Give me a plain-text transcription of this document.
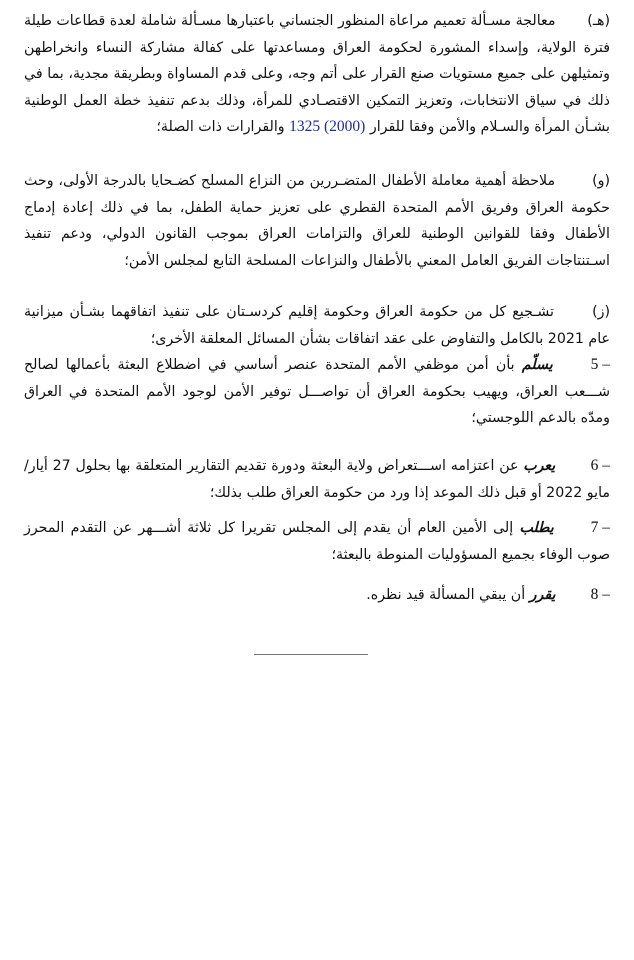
(هـ) معالجة مسـألة تعميم مراعاة المنظور الجنساني باعتبارها مسـألة شاملة لعدة قطاعات طيلة فترة الولاية، وإسداء المشورة لحكومة العراق ومساعدتها على كفالة مشاركة النساء وانخراطهن وتمثيلهن على جميع مستويات صنع القرار على أتم وجه، وعلى قدم المساواة وبطريقة مجدية، بما في ذلك في سياق الانتخابات، وتعزيز التمكين الاقتصـادي للمرأة، وذلك بدعم تنفيذ خطة العمل الوطنية بشـأن المرأة والسـلام والأمن وفقا للقرار 1325 (2000) والقرارات ذات الصلة؛

(و) ملاحظة أهمية معاملة الأطفال المتضـررين من النزاع المسلح كضـحايا بالدرجة الأولى، وحث حكومة العراق وفريق الأمم المتحدة القطري على تعزيز حماية الطفل، بما في ذلك إعادة إدماج الأطفال وفقا للقوانين الوطنية للعراق والتزامات العراق بموجب القانون الدولي، ودعم تنفيذ اسـتنتاجات الفريق العامل المعني بالأطفال والنزاعات المسلحة التابع لمجلس الأمن؛

(ز) تشـجيع كل من حكومة العراق وحكومة إقليم كردسـتان على تنفيذ اتفاقهما بشـأن ميزانية عام 2021 بالكامل والتفاوض على عقد اتفاقات بشأن المسائل المعلقة الأخرى؛

5 – يسلّم بأن أمن موظفي الأمم المتحدة عنصر أساسي في اضطلاع البعثة بأعمالها لصالح شـــعب العراق، ويهيب بحكومة العراق أن تواصـــل توفير الأمن لوجود الأمم المتحدة في العراق ومدّه بالدعم اللوجستي؛

6 – يعرب عن اعتزامه اســـتعراض ولاية البعثة ودورة تقديم التقارير المتعلقة بها بحلول 27 أيار/مايو 2022 أو قبل ذلك الموعد إذا ورد من حكومة العراق طلب بذلك؛

7 – يطلب إلى الأمين العام أن يقدم إلى المجلس تقريرا كل ثلاثة أشـــهر عن التقدم المحرز صوب الوفاء بجميع المسؤوليات المنوطة بالبعثة؛

8 – يقرر أن يبقي المسألة قيد نظره.
